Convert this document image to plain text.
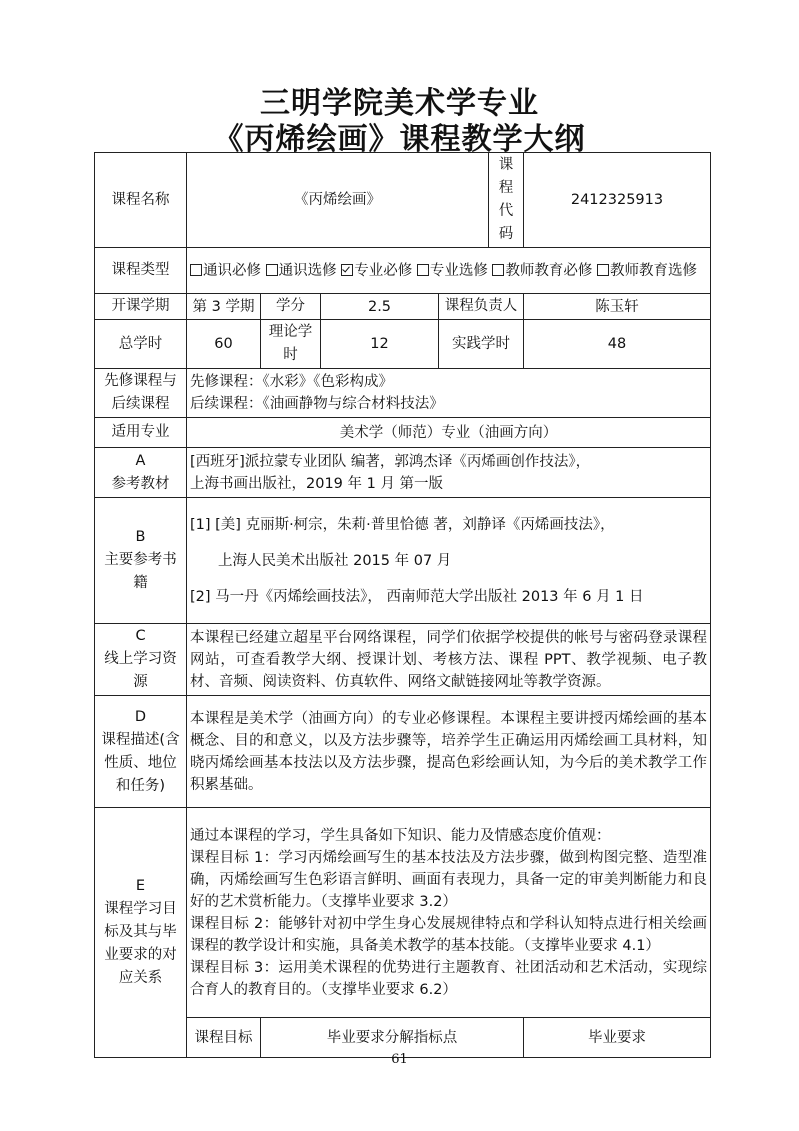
三明学院美术学专业
《丙烯绘画》课程教学大纲
课程名称	《丙烯绘画》				课程代码	2412325913
课程类型	通识必修 通识选修 专业必修 专业选修 教师教育必修 教师教育选修					
开课学期	第 3 学期	学分	2.5	课程负责人		陈玉轩
总学时	60	理论学时	12	实践学时		48
先修课程与后续课程	先修课程：《水彩》《色彩构成》
后续课程：《油画静物与综合材料技法》					

适用专业	美术学（师范）专业（油画方向）					

A
参考教材	[西班牙]派拉蒙专业团队 编著，郭鸿杰译《丙烯画创作技法》，
上海书画出版社，2019 年 1 月 第一版					

B
主要参考书籍	[1] [美] 克丽斯·柯宗，朱莉·普里恰德 著，刘静译《丙烯画技法》，
上海人民美术出版社 2015 年 07 月
[2] 马一丹《丙烯绘画技法》， 西南师范大学出版社 2013 年 6 月 1 日					

C
线上学习资源	本课程已经建立超星平台网络课程，同学们依据学校提供的帐号与密码登录课程网站，可查看教学大纲、授课计划、考核方法、课程 PPT、教学视频、电子教材、音频、阅读资料、仿真软件、网络文献链接网址等教学资源。					

D
课程描述(含性质、地位和任务)	本课程是美术学（油画方向）的专业必修课程。本课程主要讲授丙烯绘画的基本概念、目的和意义，以及方法步骤等，培养学生正确运用丙烯绘画工具材料，知晓丙烯绘画基本技法以及方法步骤，提高色彩绘画认知，为今后的美术教学工作积累基础。					

E
课程学习目标及其与毕业要求的对应关系	通过本课程的学习，学生具备如下知识、能力及情感态度价值观：
课程目标 1：学习丙烯绘画写生的基本技法及方法步骤，做到构图完整、造型准确，丙烯绘画写生色彩语言鲜明、画面有表现力，具备一定的审美判断能力和良好的艺术赏析能力。（支撑毕业要求 3.2）
课程目标 2：能够针对初中学生身心发展规律特点和学科认知特点进行相关绘画课程的教学设计和实施，具备美术教学的基本技能。（支撑毕业要求 4.1）
课程目标 3：运用美术课程的优势进行主题教育、社团活动和艺术活动，实现综合育人的教育目的。（支撑毕业要求 6.2）					

	课程目标	毕业要求分解指标点				毕业要求
61
